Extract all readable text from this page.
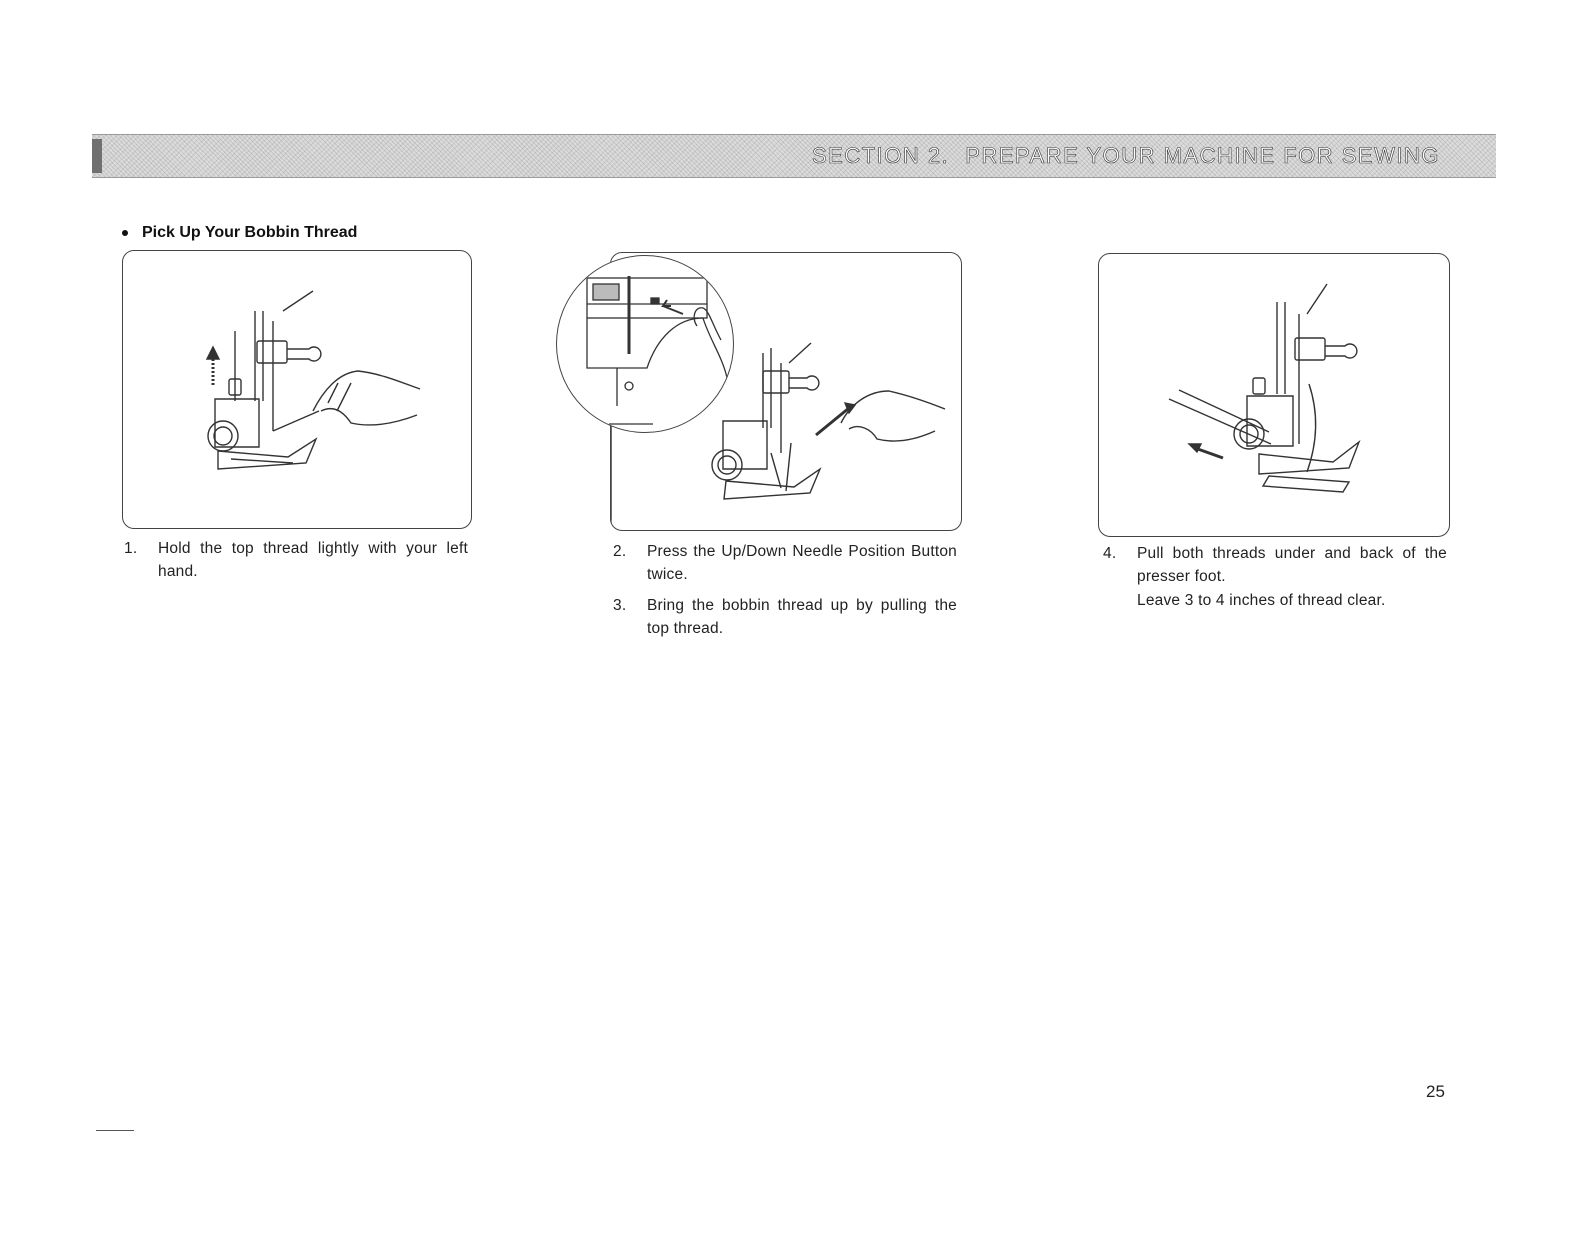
SECTION 2. PREPARE YOUR MACHINE FOR SEWING
Pick Up Your Bobbin Thread
1. Hold the top thread lightly with your left hand.
2. Press the Up/Down Needle Position Button twice.
3. Bring the bobbin thread up by pulling the top thread.
4. Pull both threads under and back of the presser foot.
Leave 3 to 4 inches of thread clear.
25
